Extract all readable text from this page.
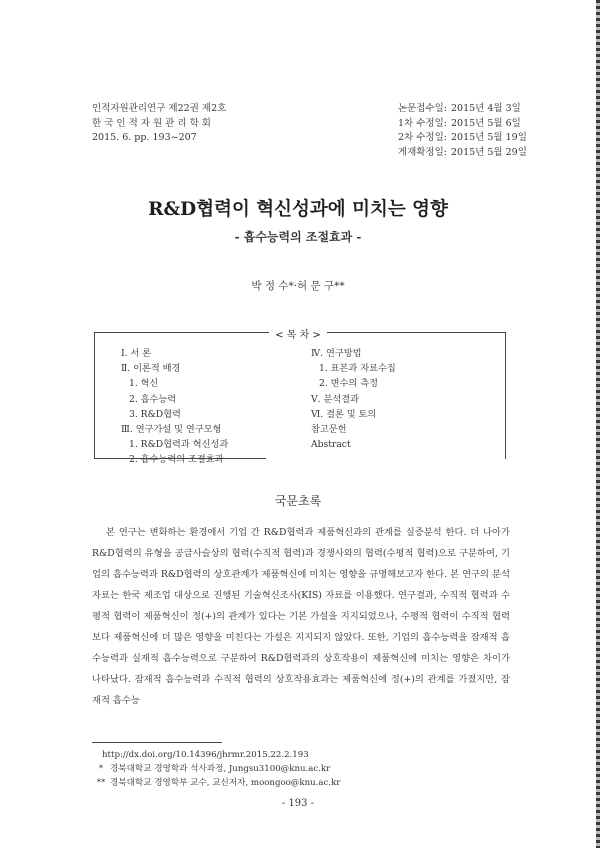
인적자원관리연구 제22권 제2호
한 국 인 적 자 원 관 리 학 회
2015. 6. pp. 193~207
논문접수일: 2015년 4월 3일
1차 수정일: 2015년 5월 6일
2차 수정일: 2015년 5월 19일
게재확정일: 2015년 5월 29일
R&D협력이 혁신성과에 미치는 영향
- 흡수능력의 조절효과 -
박 정 수*·허 문 구**
< 목 차 >
Ⅰ. 서 론
Ⅱ. 이론적 배경
1. 혁신
2. 흡수능력
3. R&D협력
Ⅲ. 연구가설 및 연구모형
1. R&D협력과 혁신성과
2. 흡수능력의 조절효과
Ⅳ. 연구방법
1. 표본과 자료수집
2. 변수의 측정
Ⅴ. 분석결과
Ⅵ. 결론 및 토의
참고문헌
Abstract
국문초록

본 연구는 변화하는 환경에서 기업 간 R&D협력과 제품혁신과의 관계를 실증분석 한다. 더 나아가 R&D협력의 유형을 공급사슬상의 협력(수직적 협력)과 경쟁사와의 협력(수평적 협력)으로 구분하여, 기업의 흡수능력과 R&D협력의 상호관계가 제품혁신에 미치는 영향을 규명해보고자 한다. 본 연구의 분석자료는 한국 제조업 대상으로 진행된 기술혁신조사(KIS) 자료를 이용했다. 연구결과, 수직적 협력과 수평적 협력이 제품혁신이 정(+)의 관계가 있다는 기본 가설을 지지되었으나, 수평적 협력이 수직적 협력보다 제품혁신에 더 많은 영향을 미친다는 가설은 지지되지 않았다. 또한, 기업의 흡수능력을 잠재적 흡수능력과 실재적 흡수능력으로 구분하여 R&D협력과의 상호작용이 제품혁신에 미치는 영향은 차이가 나타났다. 잠재적 흡수능력과 수직적 협력의 상호작용효과는 제품혁신에 정(+)의 관계를 가졌지만, 잠재적 흡수능

http://dx.doi.org/10.14396/jhrmr.2015.22.2.193
* 경북대학교 경영학과 석사과정, Jungsu3100@knu.ac.kr
** 경북대학교 경영학부 교수, 교신저자, moongoo@knu.ac.kr
- 193 -
